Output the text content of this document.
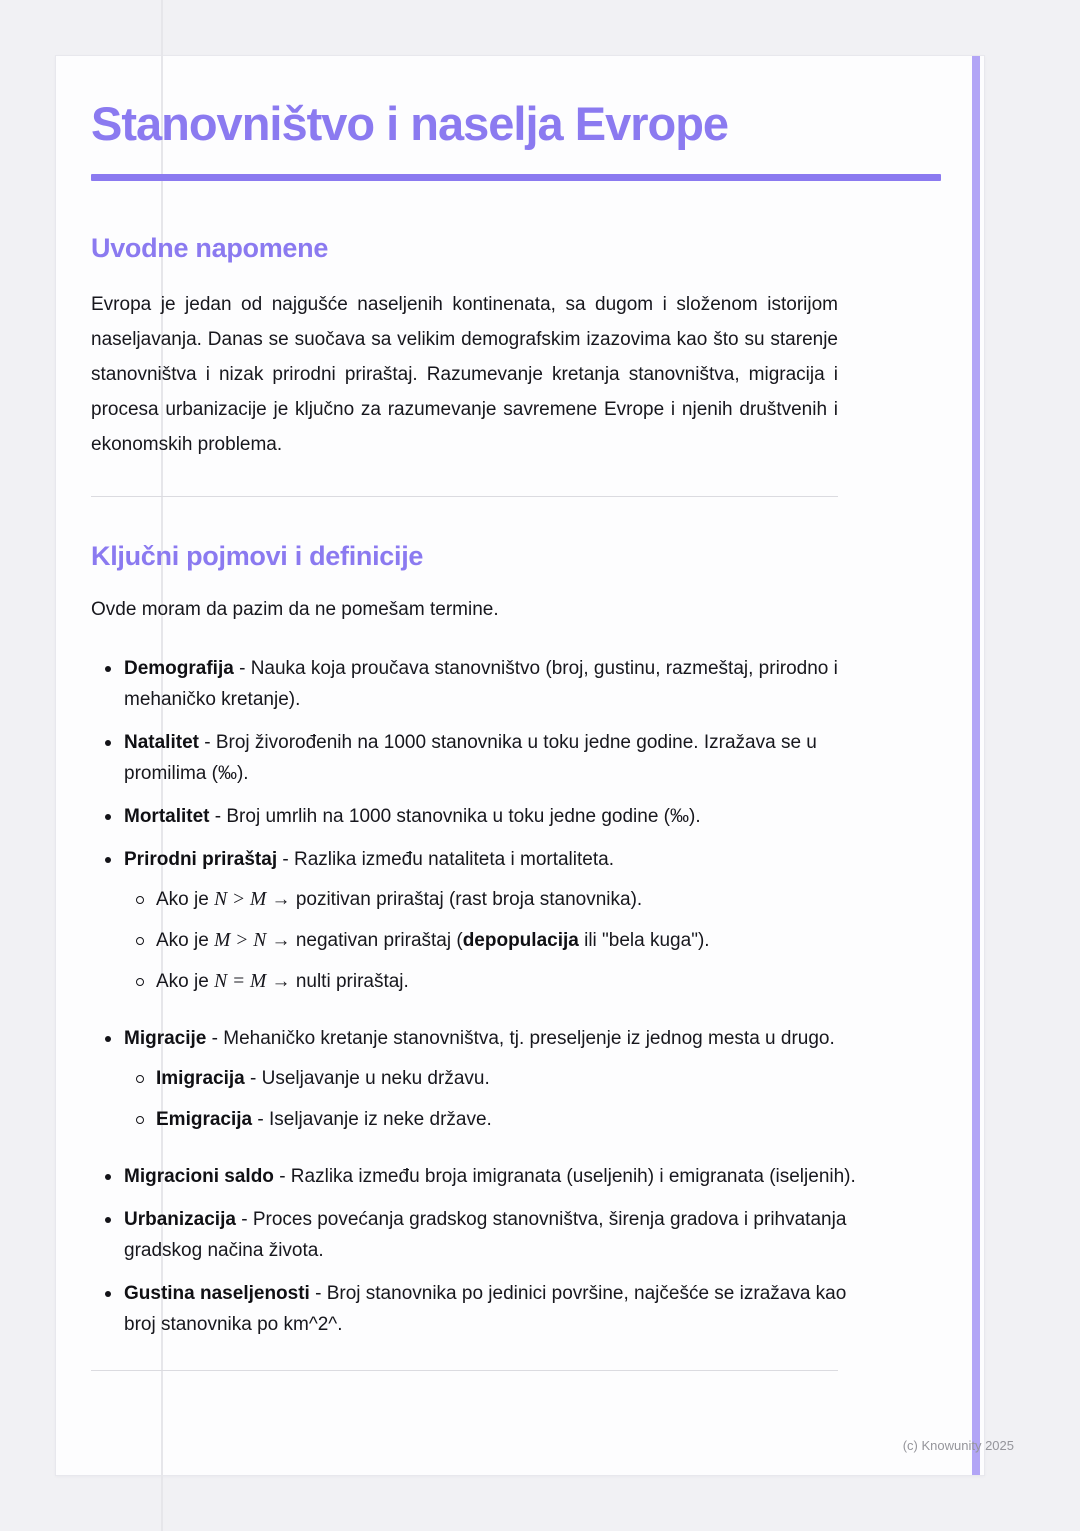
Stanovništvo i naselja Evrope
Uvodne napomene

Evropa je jedan od najgušće naseljenih kontinenata, sa dugom i složenom istorijom naseljavanja. Danas se suočava sa velikim demografskim izazovima kao što su starenje stanovništva i nizak prirodni priraštaj. Razumevanje kretanja stanovništva, migracija i procesa urbanizacije je ključno za razumevanje savremene Evrope i njenih društvenih i ekonomskih problema.

Ključni pojmovi i definicije

Ovde moram da pazim da ne pomešam termine.

Demografija - Nauka koja proučava stanovništvo (broj, gustinu, razmeštaj, prirodno i mehaničko kretanje).
Natalitet - Broj živorođenih na 1000 stanovnika u toku jedne godine. Izražava se u promilima (‰).
Mortalitet - Broj umrlih na 1000 stanovnika u toku jedne godine (‰).
Prirodni priraštaj - Razlika između nataliteta i mortaliteta.
Ako je N > M → pozitivan priraštaj (rast broja stanovnika).
Ako je M > N → negativan priraštaj (depopulacija ili "bela kuga").
Ako je N = M → nulti priraštaj.
Migracije - Mehaničko kretanje stanovništva, tj. preseljenje iz jednog mesta u drugo.
Imigracija - Useljavanje u neku državu.
Emigracija - Iseljavanje iz neke države.
Migracioni saldo - Razlika između broja imigranata (useljenih) i emigranata (iseljenih).
Urbanizacija - Proces povećanja gradskog stanovništva, širenja gradova i prihvatanja gradskog načina života.
Gustina naseljenosti - Broj stanovnika po jedinici površine, najčešće se izražava kao broj stanovnika po km^2^.
(c) Knowunity 2025
